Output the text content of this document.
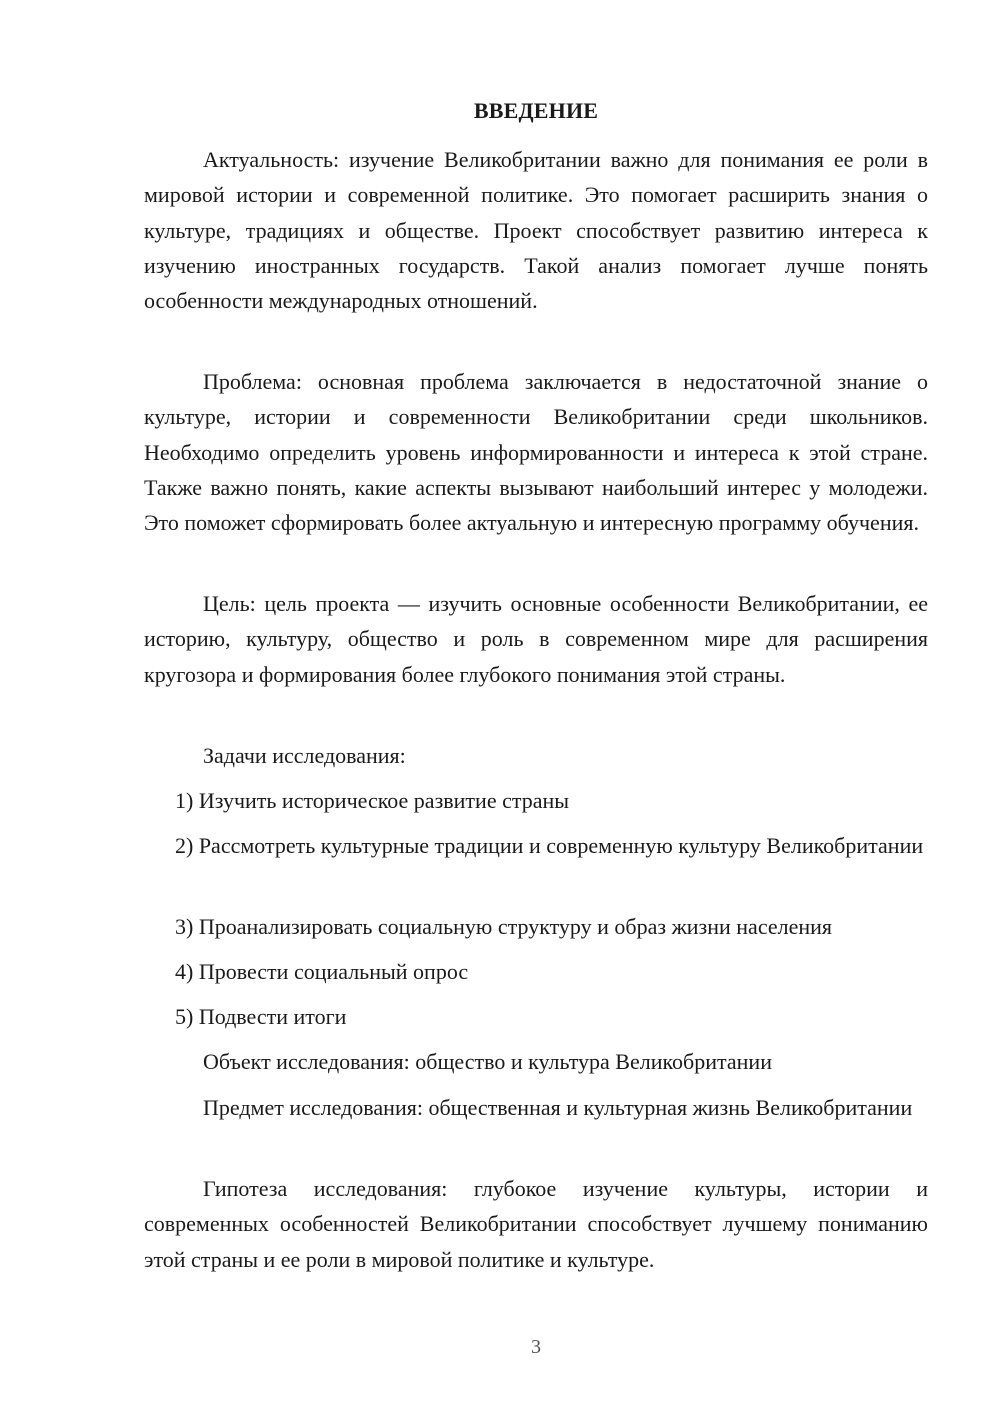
ВВЕДЕНИЕ

Актуальность: изучение Великобритании важно для понимания ее роли в мировой истории и современной политике. Это помогает расширить знания о культуре, традициях и обществе. Проект способствует развитию интереса к изучению иностранных государств. Такой анализ помогает лучше понять особенности международных отношений.

Проблема: основная проблема заключается в недостаточной знание о культуре, истории и современности Великобритании среди школьников. Необходимо определить уровень информированности и интереса к этой стране. Также важно понять, какие аспекты вызывают наибольший интерес у молодежи. Это поможет сформировать более актуальную и интересную программу обучения.

Цель: цель проекта — изучить основные особенности Великобритании, ее историю, культуру, общество и роль в современном мире для расширения кругозора и формирования более глубокого понимания этой страны.

Задачи исследования:

1) Изучить историческое развитие страны

2) Рассмотреть культурные традиции и современную культуру Великобритании

3) Проанализировать социальную структуру и образ жизни населения

4) Провести социальный опрос

5) Подвести итоги

Объект исследования: общество и культура Великобритании

Предмет исследования: общественная и культурная жизнь Великобритании

Гипотеза исследования: глубокое изучение культуры, истории и современных особенностей Великобритании способствует лучшему пониманию этой страны и ее роли в мировой политике и культуре.

3
